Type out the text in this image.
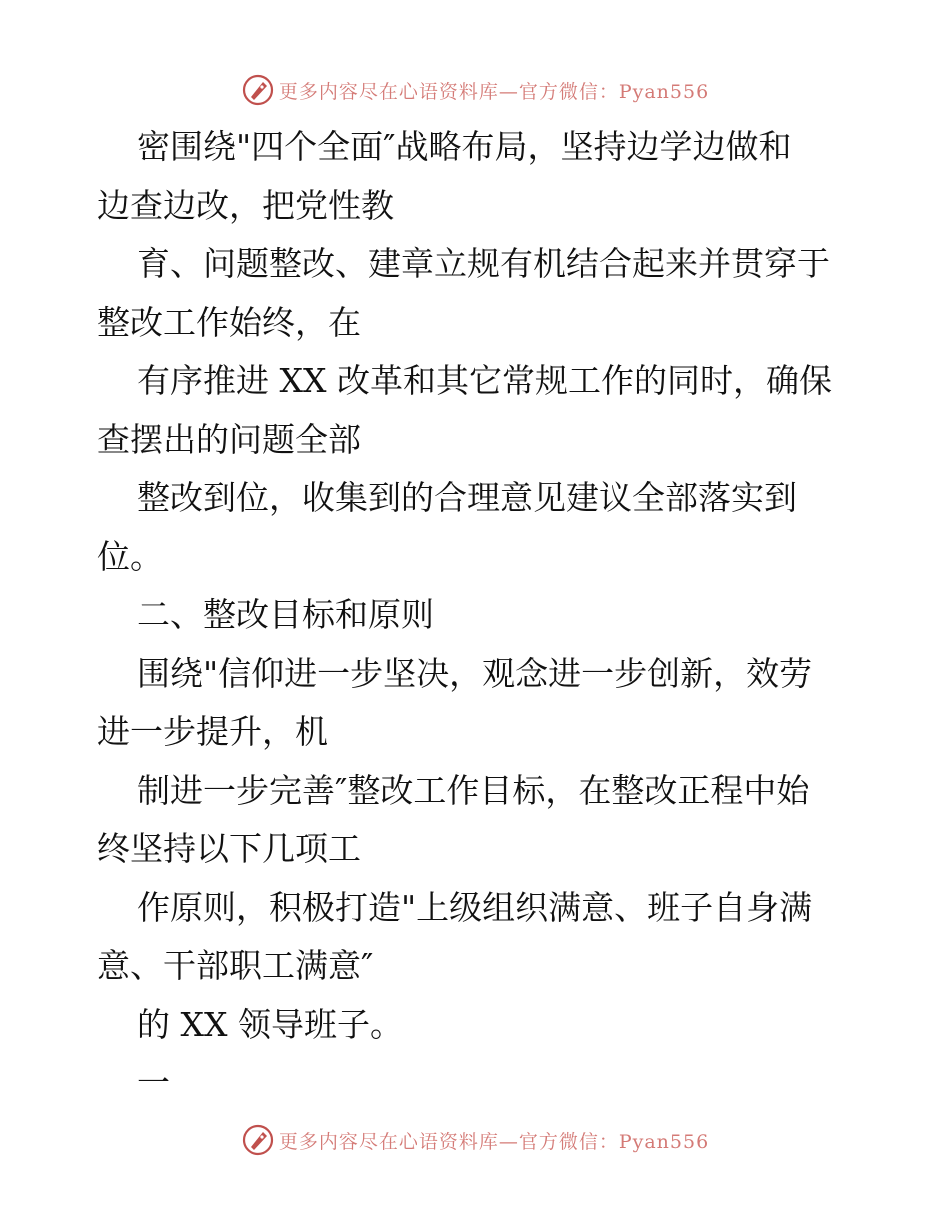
更多内容尽在心语资料库—官方微信：Pyan556
密围绕"四个全面″战略布局，坚持边学边做和
边查边改，把党性教
育、问题整改、建章立规有机结合起来并贯穿于
整改工作始终，在
有序推进 XX 改革和其它常规工作的同时，确保
查摆出的问题全部
整改到位，收集到的合理意见建议全部落实到
位。
二、整改目标和原则
围绕"信仰进一步坚决，观念进一步创新，效劳
进一步提升，机
制进一步完善″整改工作目标，在整改正程中始
终坚持以下几项工
作原则，积极打造"上级组织满意、班子自身满
意、干部职工满意″
的 XX 领导班子。
一
更多内容尽在心语资料库—官方微信：Pyan556
